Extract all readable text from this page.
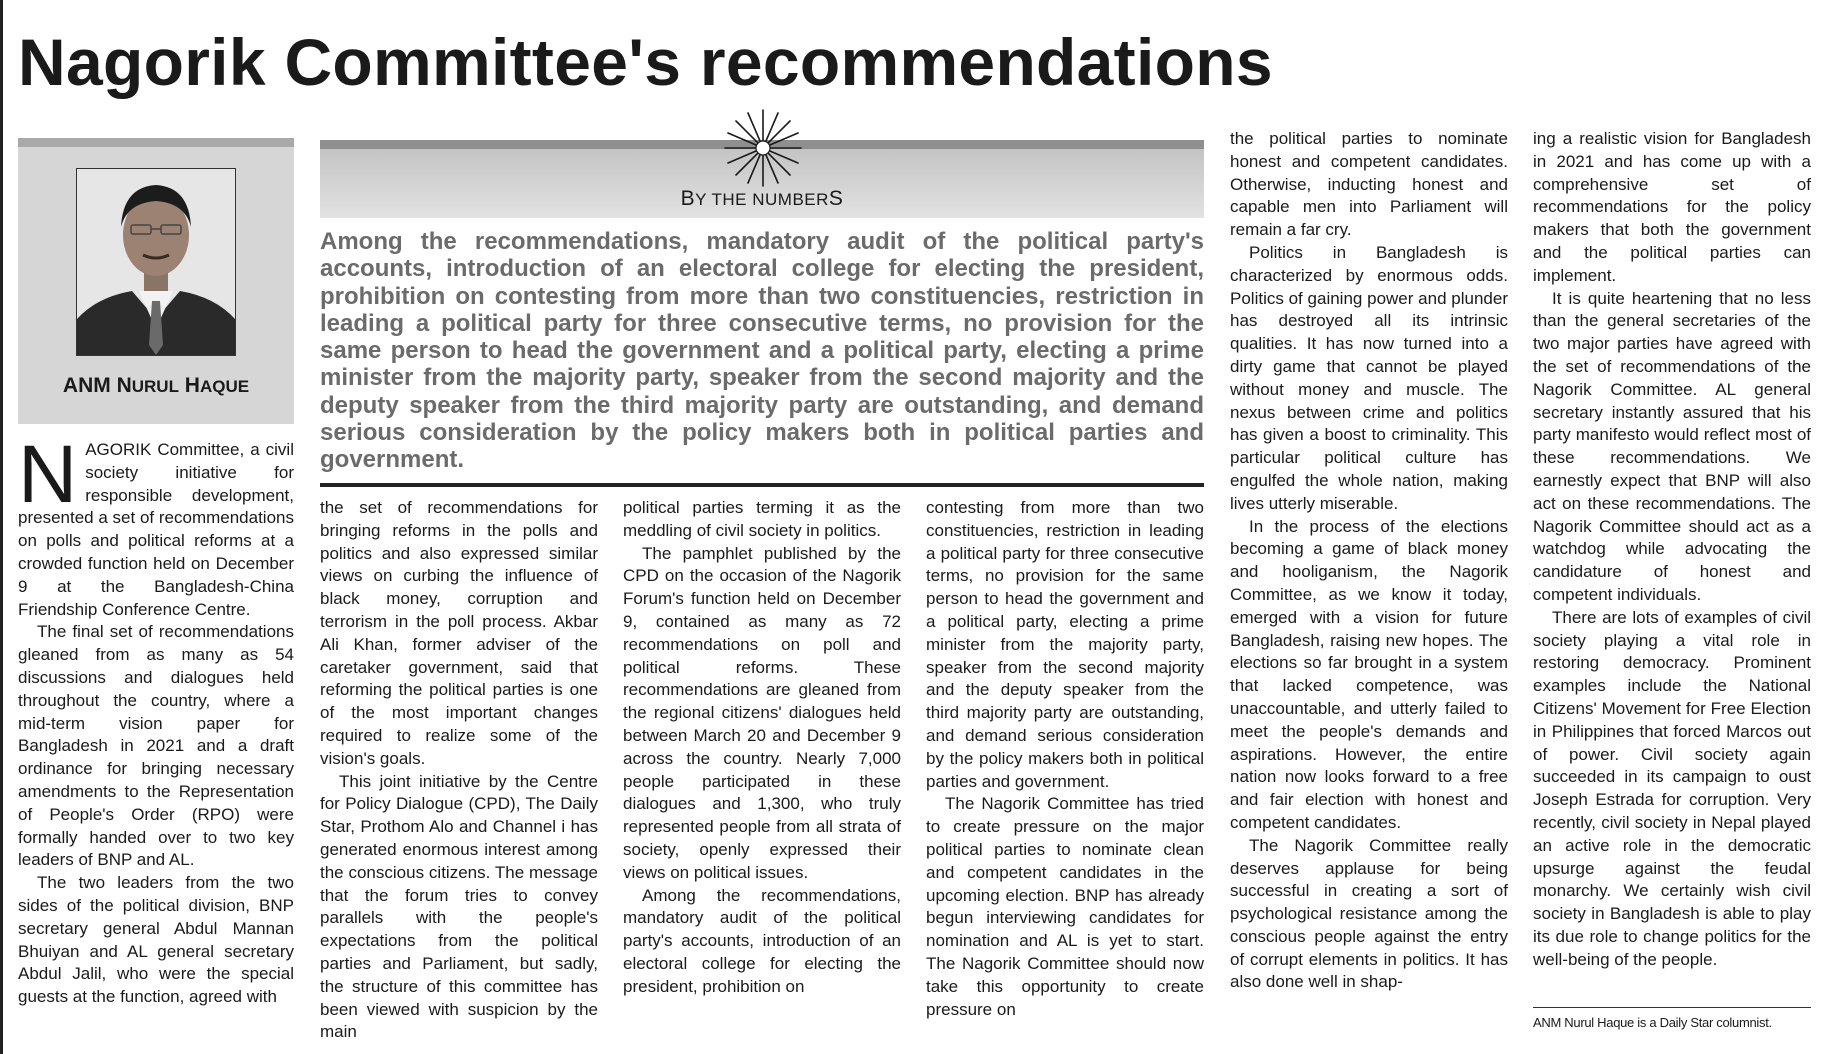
Nagorik Committee's recommendations
ANM NURUL HAQUE
N AGORIK Committee, a civil society initiative for responsible development, presented a set of recommendations on polls and political reforms at a crowded function held on December 9 at the Bangladesh-China Friendship Conference Centre.

The final set of recommendations gleaned from as many as 54 discussions and dialogues held throughout the country, where a mid-term vision paper for Bangladesh in 2021 and a draft ordinance for bringing necessary amendments to the Representation of People's Order (RPO) were formally handed over to two key leaders of BNP and AL.

The two leaders from the two sides of the political division, BNP secretary general Abdul Mannan Bhuiyan and AL general secretary Abdul Jalil, who were the special guests at the function, agreed with

BY THE NUMBERS
Among the recommendations, mandatory audit of the political party's accounts, introduction of an electoral college for electing the president, prohibition on contesting from more than two constituencies, restriction in leading a political party for three consecutive terms, no provision for the same person to head the government and a political party, electing a prime minister from the majority party, speaker from the second majority and the deputy speaker from the third majority party are outstanding, and demand serious consideration by the policy makers both in political parties and government.

the set of recommendations for bringing reforms in the polls and politics and also expressed similar views on curbing the influence of black money, corruption and terrorism in the poll process. Akbar Ali Khan, former adviser of the caretaker government, said that reforming the political parties is one of the most important changes required to realize some of the vision's goals.

This joint initiative by the Centre for Policy Dialogue (CPD), The Daily Star, Prothom Alo and Channel i has generated enormous interest among the conscious citizens. The message that the forum tries to convey parallels with the people's expectations from the political parties and Parliament, but sadly, the structure of this committee has been viewed with suspicion by the main

political parties terming it as the meddling of civil society in politics.

The pamphlet published by the CPD on the occasion of the Nagorik Forum's function held on December 9, contained as many as 72 recommendations on poll and political reforms. These recommendations are gleaned from the regional citizens' dialogues held between March 20 and December 9 across the country. Nearly 7,000 people participated in these dialogues and 1,300, who truly represented people from all strata of society, openly expressed their views on political issues.

Among the recommendations, mandatory audit of the political party's accounts, introduction of an electoral college for electing the president, prohibition on

contesting from more than two constituencies, restriction in leading a political party for three consecutive terms, no provision for the same person to head the government and a political party, electing a prime minister from the majority party, speaker from the second majority and the deputy speaker from the third majority party are outstanding, and demand serious consideration by the policy makers both in political parties and government.

The Nagorik Committee has tried to create pressure on the major political parties to nominate clean and competent candidates in the upcoming election. BNP has already begun interviewing candidates for nomination and AL is yet to start. The Nagorik Committee should now take this opportunity to create pressure on

the political parties to nominate honest and competent candidates. Otherwise, inducting honest and capable men into Parliament will remain a far cry.

Politics in Bangladesh is characterized by enormous odds. Politics of gaining power and plunder has destroyed all its intrinsic qualities. It has now turned into a dirty game that cannot be played without money and muscle. The nexus between crime and politics has given a boost to criminality. This particular political culture has engulfed the whole nation, making lives utterly miserable.

In the process of the elections becoming a game of black money and hooliganism, the Nagorik Committee, as we know it today, emerged with a vision for future Bangladesh, raising new hopes. The elections so far brought in a system that lacked competence, was unaccountable, and utterly failed to meet the people's demands and aspirations. However, the entire nation now looks forward to a free and fair election with honest and competent candidates.

The Nagorik Committee really deserves applause for being successful in creating a sort of psychological resistance among the conscious people against the entry of corrupt elements in politics. It has also done well in shap-

ing a realistic vision for Bangladesh in 2021 and has come up with a comprehensive set of recommendations for the policy makers that both the government and the political parties can implement.

It is quite heartening that no less than the general secretaries of the two major parties have agreed with the set of recommendations of the Nagorik Committee. AL general secretary instantly assured that his party manifesto would reflect most of these recommendations. We earnestly expect that BNP will also act on these recommendations. The Nagorik Committee should act as a watchdog while advocating the candidature of honest and competent individuals.

There are lots of examples of civil society playing a vital role in restoring democracy. Prominent examples include the National Citizens' Movement for Free Election in Philippines that forced Marcos out of power. Civil society again succeeded in its campaign to oust Joseph Estrada for corruption. Very recently, civil society in Nepal played an active role in the democratic upsurge against the feudal monarchy. We certainly wish civil society in Bangladesh is able to play its due role to change politics for the well-being of the people.

ANM Nurul Haque is a Daily Star columnist.
